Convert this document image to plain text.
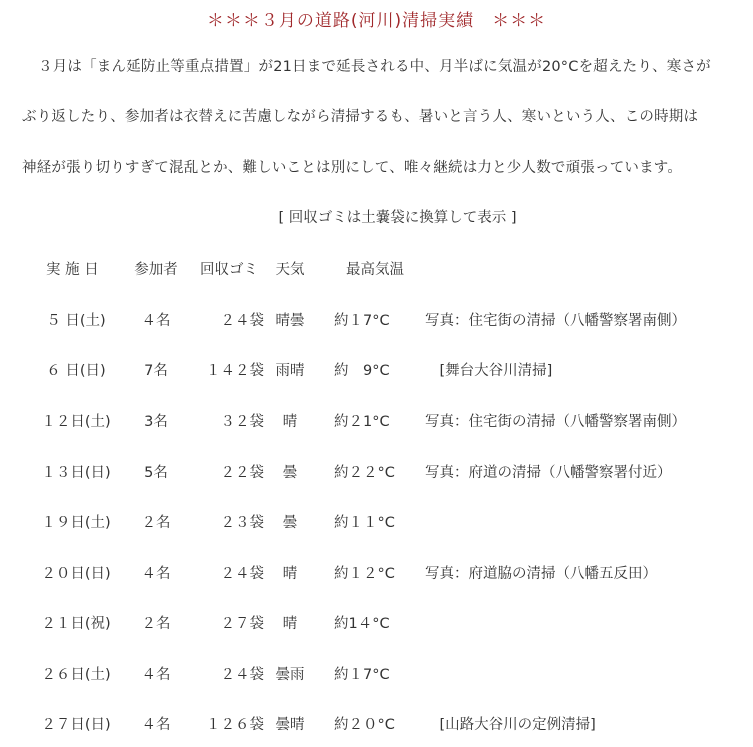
＊＊＊３月の道路(河川)清掃実績　＊＊＊
３月は「まん延防止等重点措置」が21日まで延長される中、月半ばに気温が20°Cを超えたり、寒さが
ぶり返したり、参加者は衣替えに苦慮しながら清掃するも、暑いと言う人、寒いという人、この時期は
神経が張り切りすぎて混乱とか、難しいことは別にして、唯々継続は力と少人数で頑張っています。
[ 回収ゴミは土嚢袋に換算して表示 ]
実 施 日	参加者 回収ゴミ	天気	最高気温
５ 日(土)	４名	２４袋 晴曇	約１7°C	写真：住宅街の清掃（八幡警察署南側）
６ 日(日)	7名	１４２袋 雨晴	約　9°C	　[舞台大谷川清掃]
１２日(土)	3名	３２袋	晴	約２1°C	写真：住宅街の清掃（八幡警察署南側）
１３日(日)	5名	２２袋	曇	約２２°C	写真：府道の清掃（八幡警察署付近）
１９日(土)	２名	２３袋	曇	約１１°C
２０日(日)	４名	２４袋	晴	約１２°C	写真：府道脇の清掃（八幡五反田）
２１日(祝)	２名	２７袋	晴	約1４°C
２６日(土)	４名	２４袋 曇雨	約１7°C
２７日(日)	４名	１２６袋 曇晴	約２０°C	　[山路大谷川の定例清掃]
